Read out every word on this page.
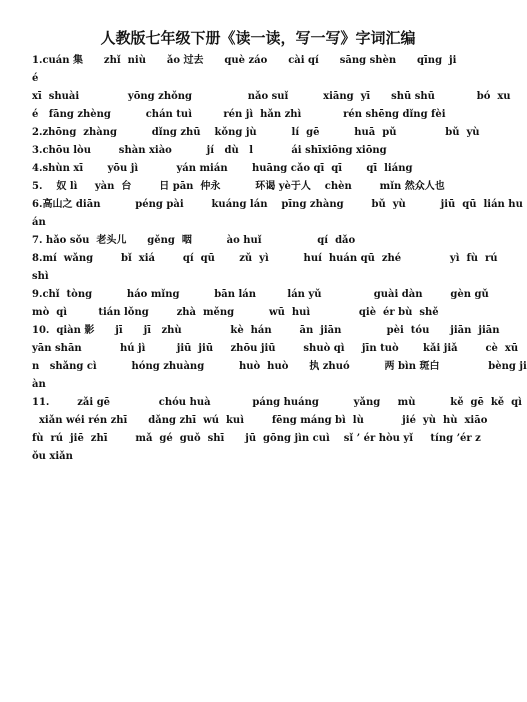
人教版七年级下册《读一读，写一写》字词汇编
1.cuán 集      zhǐ  niù      ǎo 过去      què záo      cài qí      sāng shèn      qīng  ji
é
xī  shuài              yōng zhǒng                nǎo suǐ          xiāng  yī      shū shū            bó  xu
é   fāng zhèng          chán tuì         rén jì  hǎn zhì            rén shēng dǐng fèi
2.zhōng  zhàng          dǐng zhū    kǒng jù          lí  gē          huā  pǔ              bǔ  yù
3.chōu lòu        shàn xiào          jí   dù   l           ái shīxiōng xiōng
4.shùn xī       yōu jì           yán mián       huāng cǎo qī  qī       qī  liáng
5.    奴 lì     yàn  台        日 pān  仲永          环谒 yè于人    chèn        mǐn 然众人也
6.高山之 diān          péng pài        kuáng lán    pīng zhàng        bǔ  yù          jiū  qū  lián hu
án
7. hǎo sǒu  老头儿      gěng  咽          ào huǐ                qí  dǎo
8.mí  wǎng        bǐ  xiá        qí  qū       zǔ  yì          huí  huán qū  zhé              yì  fù  rú
shì
9.chǐ  tòng          háo mǐng          bān lán         lán yǔ               guài dàn        gèn gǔ
mò  qì         tián lǒng        zhà  měng          wū  huì              qiè  ér bù  shě
10.  qiàn 影      jī      jī   zhù              kè  hán        ān  jiān             pèi  tóu      jiān  jiān
yān shān           hú jì         jiū  jiū     zhōu jiū        shuò qì     jīn tuò       kǎi jiǎ        cè  xū
n   shǎng cì          hóng zhuàng          huò  huò      执 zhuó          两 bìn 斑白              bèng ji
àn
11.        zǎi gē              chóu huà            páng huáng          yǎng     mù          kě  gē  kě  qì
xiǎn wéi rén zhī      dǎng zhī  wú  kuì        fēng máng bì  lù           jié  yù  hù  xiāo
fù  rú  jiē  zhī        mǎ  gé  guǒ  shī      jū  gōng jìn cuì    sǐ ’ ér hòu yǐ     tíng ’ér z
ǒu xiǎn
